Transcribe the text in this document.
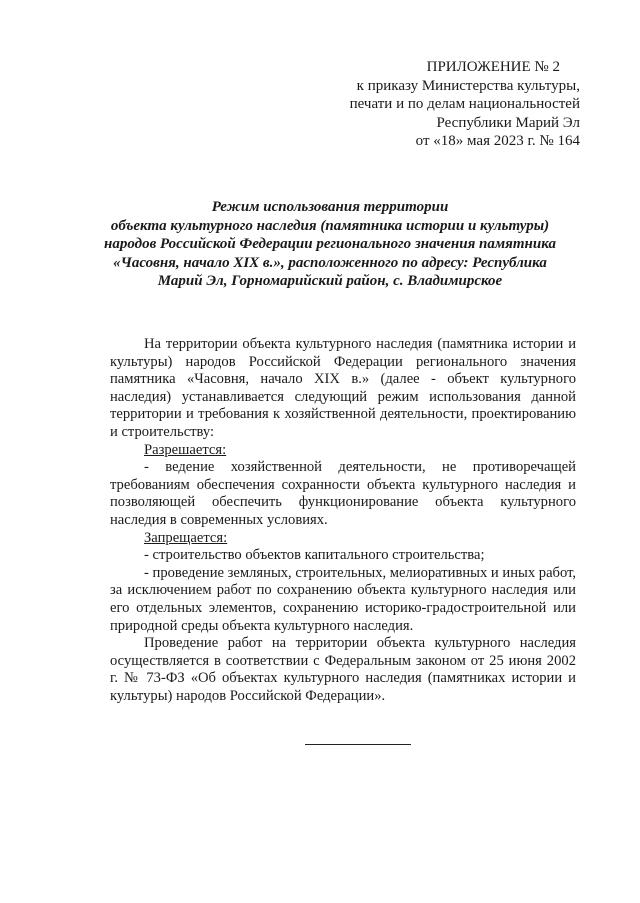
ПРИЛОЖЕНИЕ № 2
к приказу Министерства культуры,
печати и по делам национальностей
Республики Марий Эл
от «18» мая 2023 г. № 164
Режим использования территории
объекта культурного наследия (памятника истории и культуры)
народов Российской Федерации регионального значения памятника
«Часовня, начало XIX в.», расположенного по адресу: Республика
Марий Эл, Горномарийский район, с. Владимирское

На территории объекта культурного наследия (памятника истории и культуры) народов Российской Федерации регионального значения памятника «Часовня, начало XIX в.» (далее - объект культурного наследия) устанавливается следующий режим использования данной территории и требования к хозяйственной деятельности, проектированию и строительству:

Разрешается:

- ведение хозяйственной деятельности, не противоречащей требованиям обеспечения сохранности объекта культурного наследия и позволяющей обеспечить функционирование объекта культурного наследия в современных условиях.

Запрещается:

- строительство объектов капитального строительства;

- проведение земляных, строительных, мелиоративных и иных работ, за исключением работ по сохранению объекта культурного наследия или его отдельных элементов, сохранению историко-градостроительной или природной среды объекта культурного наследия.

Проведение работ на территории объекта культурного наследия осуществляется в соответствии с Федеральным законом от 25 июня 2002 г. № 73-ФЗ «Об объектах культурного наследия (памятниках истории и культуры) народов Российской Федерации».
